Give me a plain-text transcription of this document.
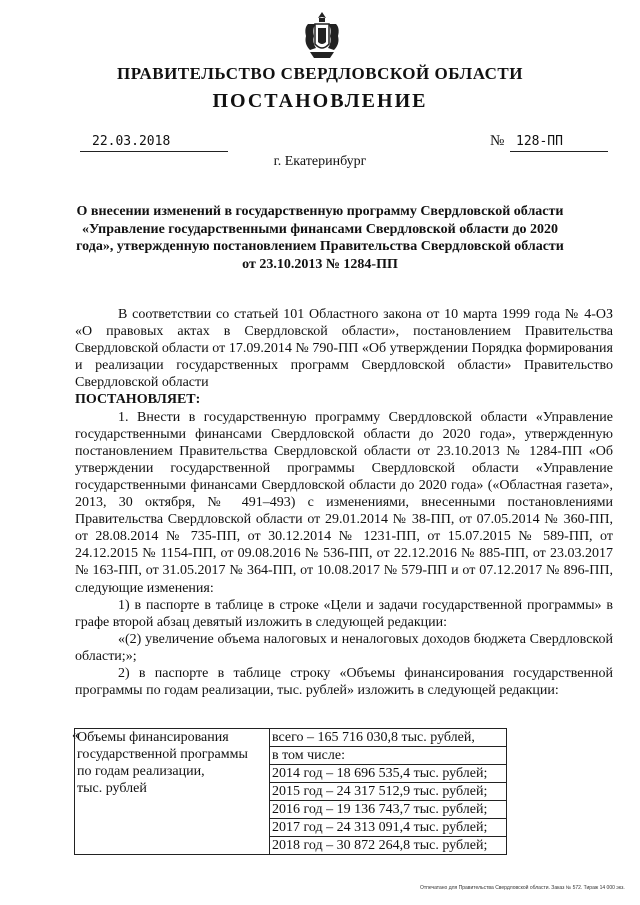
ПРАВИТЕЛЬСТВО СВЕРДЛОВСКОЙ ОБЛАСТИ
ПОСТАНОВЛЕНИЕ
22.03.2018	№ 128-ПП
г. Екатеринбург
О внесении изменений в государственную программу Свердловской области «Управление государственными финансами Свердловской области до 2020 года», утвержденную постановлением Правительства Свердловской области от 23.10.2013 № 1284-ПП

В соответствии со статьей 101 Областного закона от 10 марта 1999 года № 4-ОЗ «О правовых актах в Свердловской области», постановлением Правительства Свердловской области от 17.09.2014 № 790-ПП «Об утверждении Порядка формирования и реализации государственных программ Свердловской области» Правительство Свердловской области

ПОСТАНОВЛЯЕТ:

1. Внести в государственную программу Свердловской области «Управление государственными финансами Свердловской области до 2020 года», утвержденную постановлением Правительства Свердловской области от 23.10.2013 № 1284-ПП «Об утверждении государственной программы Свердловской области «Управление государственными финансами Свердловской области до 2020 года» («Областная газета», 2013, 30 октября, № 491–493) с изменениями, внесенными постановлениями Правительства Свердловской области от 29.01.2014 № 38-ПП, от 07.05.2014 № 360-ПП, от 28.08.2014 № 735-ПП, от 30.12.2014 № 1231-ПП, от 15.07.2015 № 589-ПП, от 24.12.2015 № 1154-ПП, от 09.08.2016 № 536-ПП, от 22.12.2016 № 885-ПП, от 23.03.2017 № 163-ПП, от 31.05.2017 № 364-ПП, от 10.08.2017 № 579-ПП и от 07.12.2017 № 896-ПП, следующие изменения:

1) в паспорте в таблице в строке «Цели и задачи государственной программы» в графе второй абзац девятый изложить в следующей редакции:

«(2) увеличение объема налоговых и неналоговых доходов бюджета Свердловской области;»;

2) в паспорте в таблице строку «Объемы финансирования государственной программы по годам реализации, тыс. рублей» изложить в следующей редакции:

«
Объемы финансирования
государственной программы
по годам реализации,
тыс. рублей
	всего – 165 716 030,8 тыс. рублей,
в том числе:
2014 год – 18 696 535,4 тыс. рублей;
2015 год – 24 317 512,9 тыс. рублей;
2016 год – 19 136 743,7 тыс. рублей;
2017 год – 24 313 091,4 тыс. рублей;
2018 год – 30 872 264,8 тыс. рублей;
Отпечатано для Правительства Свердловской области. Заказ № 572. Тираж 14 000 экз.
